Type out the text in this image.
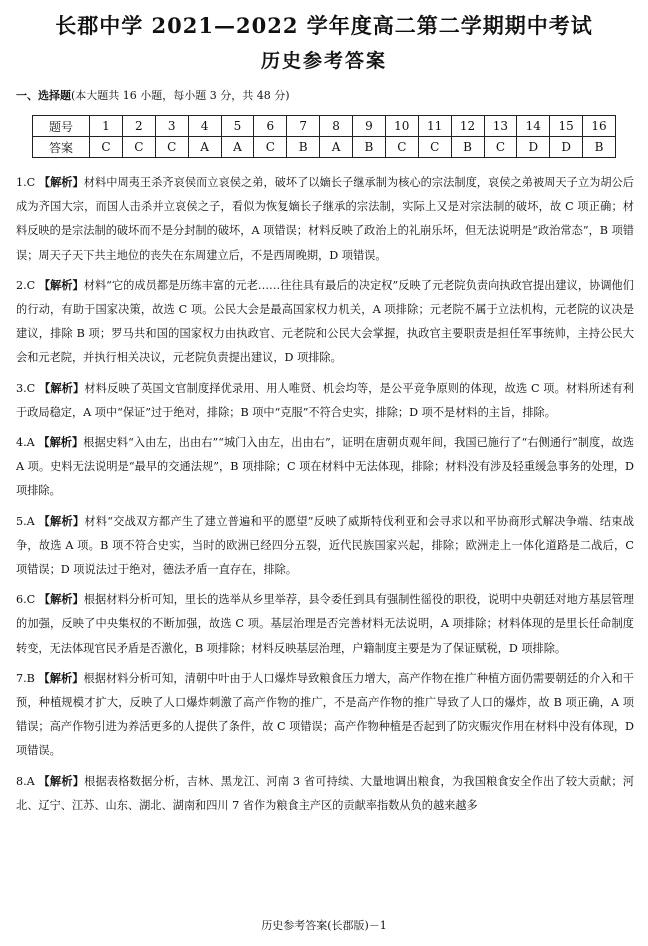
长郡中学 2021—2022 学年度高二第二学期期中考试
历史参考答案
一、选择题(本大题共 16 小题，每小题 3 分，共 48 分)
题号	1	2	3	4	5	6	7	8	9	10	11	12	13	14	15	16
答案	C	C	C	A	A	C	B	A	B	C	C	B	C	D	D	B
1.C 【解析】材料中周夷王杀齐哀侯而立哀侯之弟，破坏了以嫡长子继承制为核心的宗法制度，哀侯之弟被周天子立为胡公后成为齐国大宗，而国人击杀并立哀侯之子，看似为恢复嫡长子继承的宗法制，实际上又是对宗法制的破坏，故 C 项正确；材料反映的是宗法制的破坏而不是分封制的破坏，A 项错误；材料反映了政治上的礼崩乐坏，但无法说明是“政治常态”，B 项错误；周天子天下共主地位的丧失在东周建立后，不是西周晚期，D 项错误。
2.C 【解析】材料“它的成员都是历练丰富的元老……往往具有最后的决定权”反映了元老院负责向执政官提出建议，协调他们的行动，有助于国家决策，故选 C 项。公民大会是最高国家权力机关，A 项排除；元老院不属于立法机构，元老院的议决是建议，排除 B 项；罗马共和国的国家权力由执政官、元老院和公民大会掌握，执政官主要职责是担任军事统帅，主持公民大会和元老院，并执行相关决议，元老院负责提出建议，D 项排除。
3.C 【解析】材料反映了英国文官制度择优录用、用人唯贤、机会均等，是公平竞争原则的体现，故选 C 项。材料所述有利于政局稳定，A 项中“保证”过于绝对，排除；B 项中“克服”不符合史实，排除；D 项不是材料的主旨，排除。
4.A 【解析】根据史料“入由左，出由右”“城门入由左，出由右”，证明在唐朝贞观年间，我国已施行了“右侧通行”制度，故选 A 项。史料无法说明是“最早的交通法规”，B 项排除；C 项在材料中无法体现，排除；材料没有涉及轻重缓急事务的处理，D 项排除。
5.A 【解析】材料“交战双方都产生了建立普遍和平的愿望”反映了威斯特伐利亚和会寻求以和平协商形式解决争端、结束战争，故选 A 项。B 项不符合史实，当时的欧洲已经四分五裂，近代民族国家兴起，排除；欧洲走上一体化道路是二战后，C 项错误；D 项说法过于绝对，德法矛盾一直存在，排除。
6.C 【解析】根据材料分析可知，里长的选举从乡里举荐，县令委任到具有强制性徭役的职役，说明中央朝廷对地方基层管理的加强，反映了中央集权的不断加强，故选 C 项。基层治理是否完善材料无法说明，A 项排除；材料体现的是里长任命制度转变，无法体现官民矛盾是否激化，B 项排除；材料反映基层治理，户籍制度主要是为了保证赋税，D 项排除。
7.B 【解析】根据材料分析可知，清朝中叶由于人口爆炸导致粮食压力增大，高产作物在推广种植方面仍需要朝廷的介入和干预，种植规模才扩大，反映了人口爆炸刺激了高产作物的推广，不是高产作物的推广导致了人口的爆炸，故 B 项正确，A 项错误；高产作物引进为养活更多的人提供了条件，故 C 项错误；高产作物种植是否起到了防灾赈灾作用在材料中没有体现，D 项错误。
8.A 【解析】根据表格数据分析，吉林、黑龙江、河南 3 省可持续、大量地调出粮食，为我国粮食安全作出了较大贡献；河北、辽宁、江苏、山东、湖北、湖南和四川 7 省作为粮食主产区的贡献率指数从负的越来越多
历史参考答案(长郡版)－1
